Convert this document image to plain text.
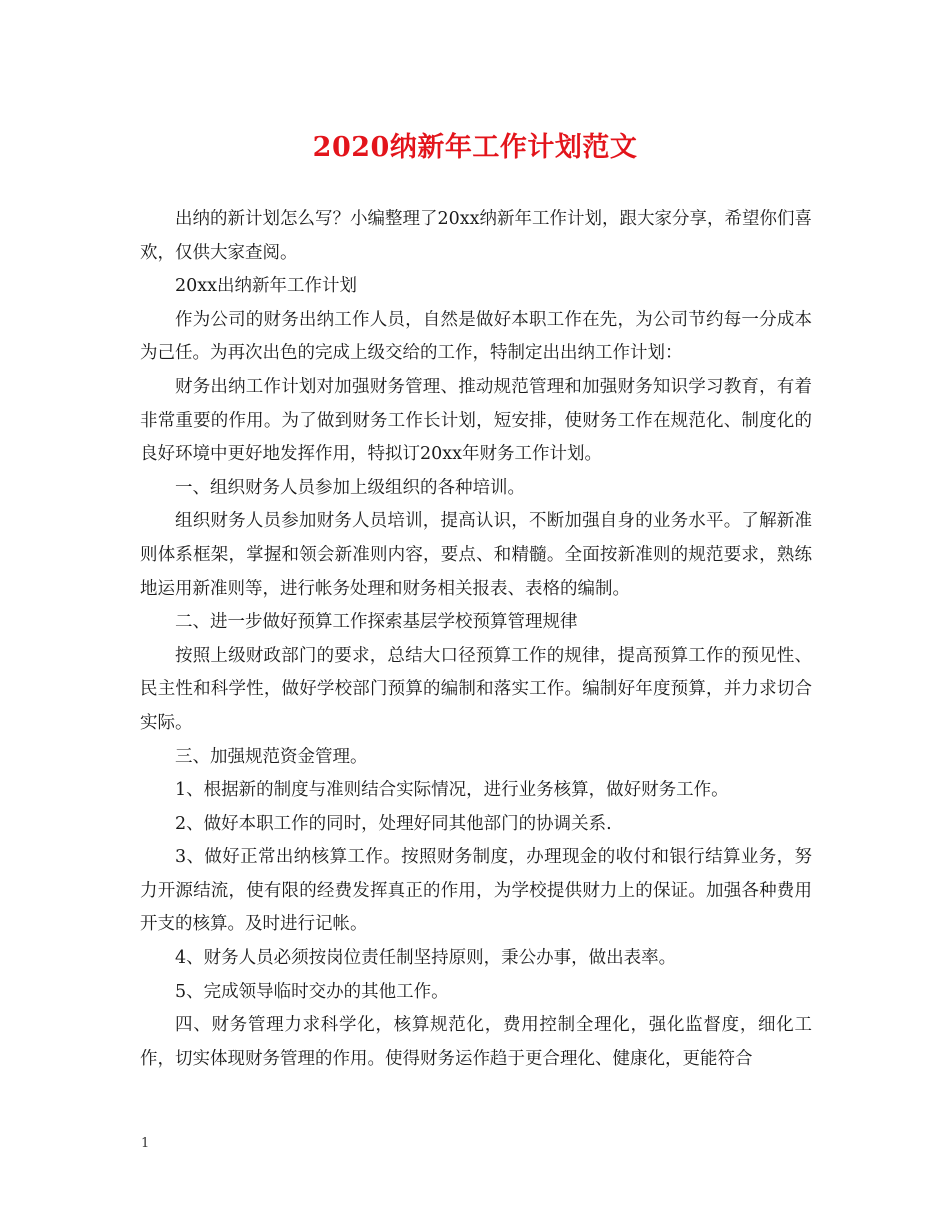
2020纳新年工作计划范文

出纳的新计划怎么写？小编整理了20xx纳新年工作计划，跟大家分享，希望你们喜欢，仅供大家查阅。

20xx出纳新年工作计划

作为公司的财务出纳工作人员，自然是做好本职工作在先，为公司节约每一分成本为己任。为再次出色的完成上级交给的工作，特制定出出纳工作计划：

财务出纳工作计划对加强财务管理、推动规范管理和加强财务知识学习教育，有着非常重要的作用。为了做到财务工作长计划，短安排，使财务工作在规范化、制度化的良好环境中更好地发挥作用，特拟订20xx年财务工作计划。

一、组织财务人员参加上级组织的各种培训。

组织财务人员参加财务人员培训，提高认识，不断加强自身的业务水平。了解新准则体系框架，掌握和领会新准则内容，要点、和精髓。全面按新准则的规范要求，熟练地运用新准则等，进行帐务处理和财务相关报表、表格的编制。

二、进一步做好预算工作探索基层学校预算管理规律

按照上级财政部门的要求，总结大口径预算工作的规律，提高预算工作的预见性、民主性和科学性，做好学校部门预算的编制和落实工作。编制好年度预算，并力求切合实际。

三、加强规范资金管理。

1、根据新的制度与准则结合实际情况，进行业务核算，做好财务工作。

2、做好本职工作的同时，处理好同其他部门的协调关系.

3、做好正常出纳核算工作。按照财务制度，办理现金的收付和银行结算业务，努力开源结流，使有限的经费发挥真正的作用，为学校提供财力上的保证。加强各种费用开支的核算。及时进行记帐。

4、财务人员必须按岗位责任制坚持原则，秉公办事，做出表率。

5、完成领导临时交办的其他工作。

四、财务管理力求科学化，核算规范化，费用控制全理化，强化监督度，细化工作，切实体现财务管理的作用。使得财务运作趋于更合理化、健康化，更能符合

1
